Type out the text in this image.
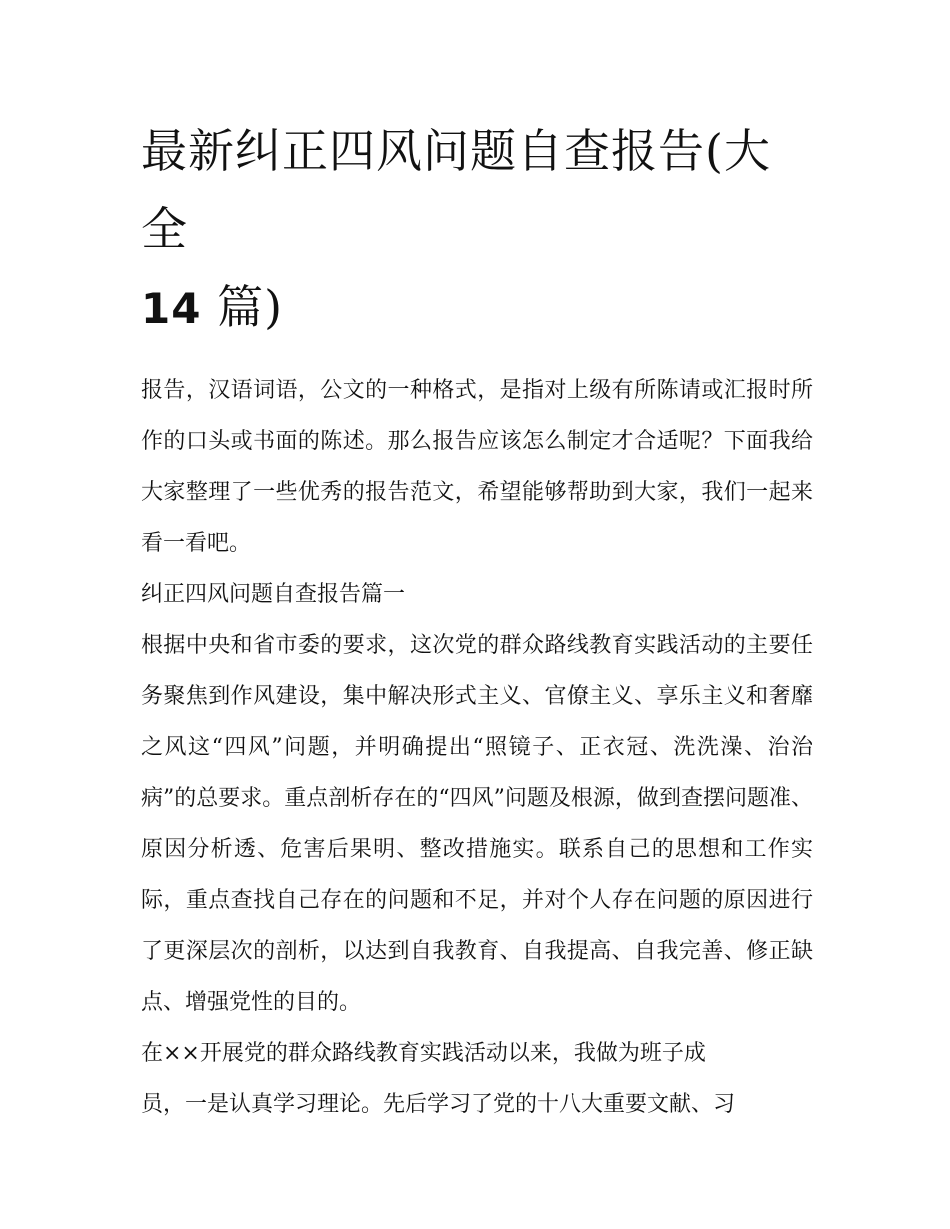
最新纠正四风问题自查报告(大全
14 篇)

报告，汉语词语，公文的一种格式，是指对上级有所陈请或汇报时所作的口头或书面的陈述。那么报告应该怎么制定才合适呢？下面我给大家整理了一些优秀的报告范文，希望能够帮助到大家，我们一起来看一看吧。

纠正四风问题自查报告篇一

根据中央和省市委的要求，这次党的群众路线教育实践活动的主要任务聚焦到作风建设，集中解决形式主义、官僚主义、享乐主义和奢靡之风这“四风”问题，并明确提出“照镜子、正衣冠、洗洗澡、治治病”的总要求。重点剖析存在的“四风”问题及根源，做到查摆问题准、原因分析透、危害后果明、整改措施实。联系自己的思想和工作实际，重点查找自己存在的问题和不足，并对个人存在问题的原因进行了更深层次的剖析，以达到自我教育、自我提高、自我完善、修正缺点、增强党性的目的。

在××开展党的群众路线教育实践活动以来，我做为班子成
员，一是认真学习理论。先后学习了党的十八大重要文献、习
